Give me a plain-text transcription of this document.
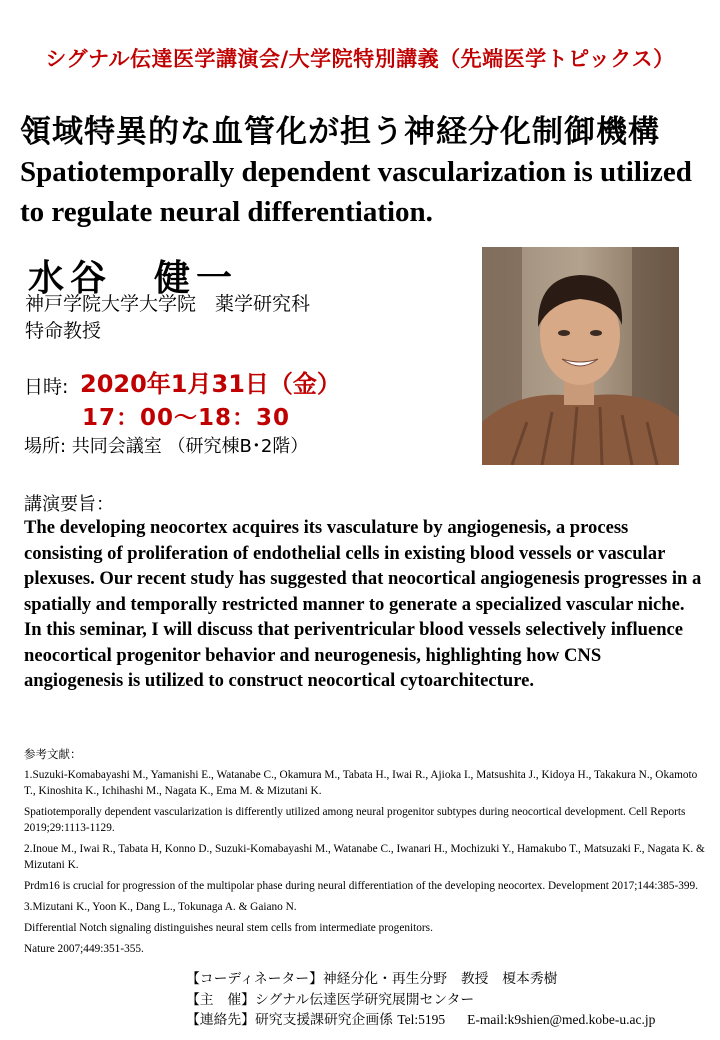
シグナル伝達医学講演会/大学院特別講義（先端医学トピックス）
領域特異的な血管化が担う神経分化制御機構
Spatiotemporally dependent vascularization is utilized to regulate neural differentiation.
水谷　健一
神戸学院大学大学院　薬学研究科
特命教授
日時: 2020年1月31日（金）
17：00〜18：30
場所: 共同会議室 （研究棟B･2階）
講演要旨：
The developing neocortex acquires its vasculature by angiogenesis, a process consisting of proliferation of endothelial cells in existing blood vessels or vascular plexuses. Our recent study has suggested that neocortical angiogenesis progresses in a spatially and temporally restricted manner to generate a specialized vascular niche. In this seminar, I will discuss that periventricular blood vessels selectively influence neocortical progenitor behavior and neurogenesis, highlighting how CNS angiogenesis is utilized to construct neocortical cytoarchitecture.
参考文献：

1.Suzuki-Komabayashi M., Yamanishi E., Watanabe C., Okamura M., Tabata H., Iwai R., Ajioka I., Matsushita J., Kidoya H., Takakura N., Okamoto T., Kinoshita K., Ichihashi M., Nagata K., Ema M. & Mizutani K.

Spatiotemporally dependent vascularization is differently utilized among neural progenitor subtypes during neocortical development. Cell Reports 2019;29:1113-1129.

2.Inoue M., Iwai R., Tabata H, Konno D., Suzuki-Komabayashi M., Watanabe C., Iwanari H., Mochizuki Y., Hamakubo T., Matsuzaki F., Nagata K. & Mizutani K.

Prdm16 is crucial for progression of the multipolar phase during neural differentiation of the developing neocortex. Development 2017;144:385-399.

3.Mizutani K., Yoon K., Dang L., Tokunaga A. & Gaiano N.

Differential Notch signaling distinguishes neural stem cells from intermediate progenitors.

Nature 2007;449:351-355.

【コーディネーター】神経分化・再生分野　教授　榎本秀樹
【主　催】シグナル伝達医学研究展開センター
【連絡先】研究支援課研究企画係 Tel:5195 E-mail:k9shien@med.kobe-u.ac.jp
